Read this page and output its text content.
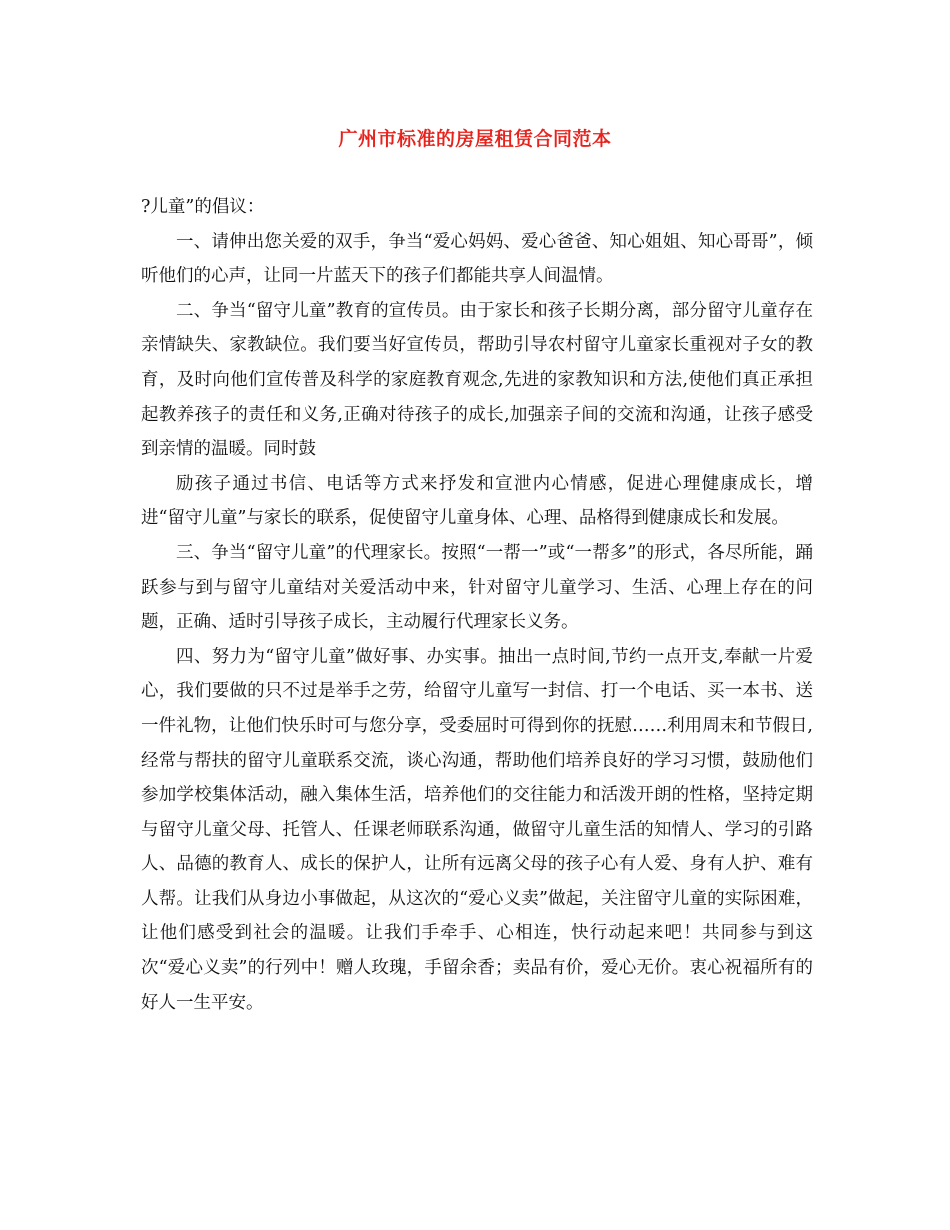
广州市标准的房屋租赁合同范本

?儿童”的倡议：

一、请伸出您关爱的双手，争当“爱心妈妈、爱心爸爸、知心姐姐、知心哥哥”，倾听他们的心声，让同一片蓝天下的孩子们都能共享人间温情。

二、争当“留守儿童”教育的宣传员。由于家长和孩子长期分离，部分留守儿童存在亲情缺失、家教缺位。我们要当好宣传员，帮助引导农村留守儿童家长重视对子女的教育，及时向他们宣传普及科学的家庭教育观念,先进的家教知识和方法,使他们真正承担起教养孩子的责任和义务,正确对待孩子的成长,加强亲子间的交流和沟通，让孩子感受到亲情的温暖。同时鼓

励孩子通过书信、电话等方式来抒发和宣泄内心情感，促进心理健康成长，增进“留守儿童”与家长的联系，促使留守儿童身体、心理、品格得到健康成长和发展。

三、争当“留守儿童”的代理家长。按照“一帮一”或“一帮多”的形式，各尽所能，踊跃参与到与留守儿童结对关爱活动中来，针对留守儿童学习、生活、心理上存在的问题，正确、适时引导孩子成长，主动履行代理家长义务。

四、努力为“留守儿童”做好事、办实事。抽出一点时间,节约一点开支,奉献一片爱心，我们要做的只不过是举手之劳，给留守儿童写一封信、打一个电话、买一本书、送一件礼物，让他们快乐时可与您分享，受委屈时可得到你的抚慰……利用周末和节假日,经常与帮扶的留守儿童联系交流，谈心沟通，帮助他们培养良好的学习习惯，鼓励他们参加学校集体活动，融入集体生活，培养他们的交往能力和活泼开朗的性格，坚持定期与留守儿童父母、托管人、任课老师联系沟通，做留守儿童生活的知情人、学习的引路人、品德的教育人、成长的保护人，让所有远离父母的孩子心有人爱、身有人护、难有人帮。让我们从身边小事做起，从这次的“爱心义卖”做起，关注留守儿童的实际困难，让他们感受到社会的温暖。让我们手牵手、心相连，快行动起来吧！共同参与到这次“爱心义卖”的行列中！赠人玫瑰，手留余香；卖品有价，爱心无价。衷心祝福所有的好人一生平安。
